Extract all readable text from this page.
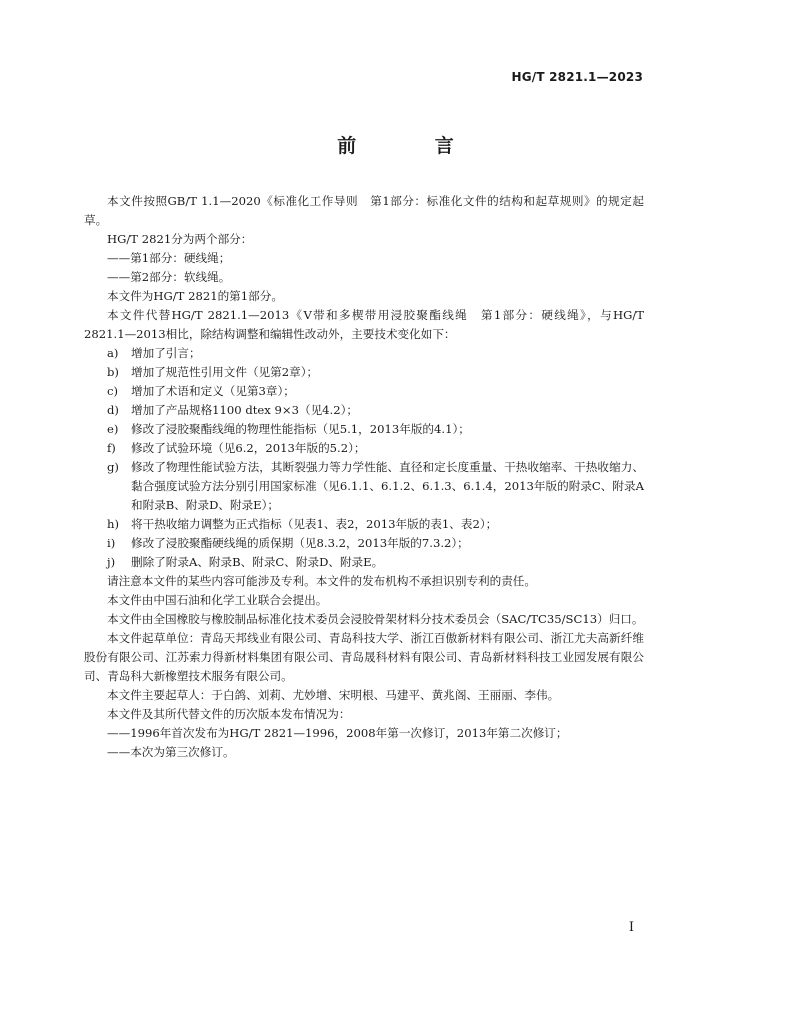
HG/T 2821.1—2023
前 言

本文件按照GB/T 1.1—2020《标准化工作导则　第1部分：标准化文件的结构和起草规则》的规定起草。

HG/T 2821分为两个部分：

——第1部分：硬线绳；

——第2部分：软线绳。

本文件为HG/T 2821的第1部分。

本文件代替HG/T 2821.1—2013《V带和多楔带用浸胶聚酯线绳　第1部分：硬线绳》，与HG/T 2821.1—2013相比，除结构调整和编辑性改动外，主要技术变化如下：

a)	增加了引言；
b)	增加了规范性引用文件（见第2章）；
c)	增加了术语和定义（见第3章）；
d)	增加了产品规格1100 dtex 9×3（见4.2）；
e)	修改了浸胶聚酯线绳的物理性能指标（见5.1，2013年版的4.1）；
f)	修改了试验环境（见6.2，2013年版的5.2）；
g)	修改了物理性能试验方法，其断裂强力等力学性能、直径和定长度重量、干热收缩率、干热收缩力、黏合强度试验方法分别引用国家标准（见6.1.1、6.1.2、6.1.3、6.1.4，2013年版的附录C、附录A和附录B、附录D、附录E）；
h)	将干热收缩力调整为正式指标（见表1、表2，2013年版的表1、表2）；
i)	修改了浸胶聚酯硬线绳的质保期（见8.3.2，2013年版的7.3.2）；
j)	删除了附录A、附录B、附录C、附录D、附录E。

请注意本文件的某些内容可能涉及专利。本文件的发布机构不承担识别专利的责任。

本文件由中国石油和化学工业联合会提出。

本文件由全国橡胶与橡胶制品标准化技术委员会浸胶骨架材料分技术委员会（SAC/TC35/SC13）归口。

本文件起草单位：青岛天邦线业有限公司、青岛科技大学、浙江百傲新材料有限公司、浙江尤夫高新纤维股份有限公司、江苏索力得新材料集团有限公司、青岛晟科材料有限公司、青岛新材料科技工业园发展有限公司、青岛科大新橡塑技术服务有限公司。

本文件主要起草人：于白鸽、刘莉、尤妙增、宋明根、马建平、黄兆阁、王丽丽、李伟。

本文件及其所代替文件的历次版本发布情况为：

——1996年首次发布为HG/T 2821—1996，2008年第一次修订，2013年第二次修订；

——本次为第三次修订。

I
